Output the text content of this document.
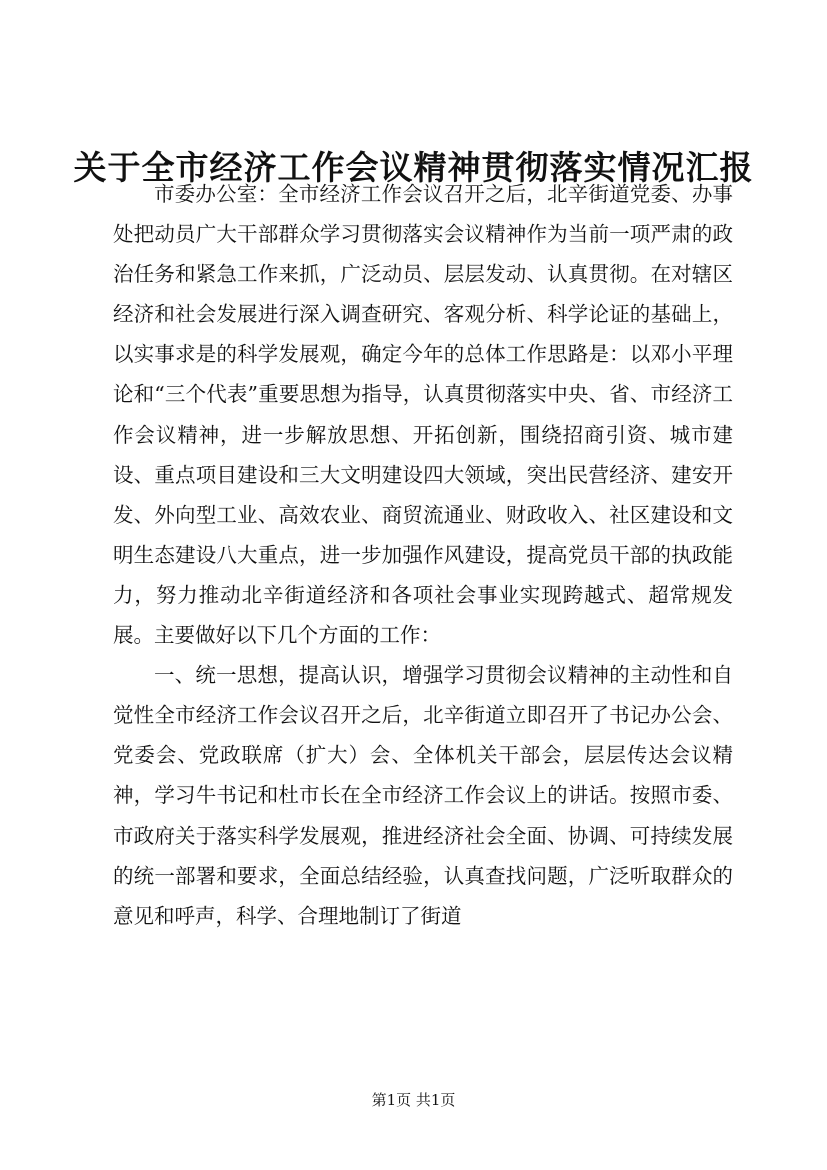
关于全市经济工作会议精神贯彻落实情况汇报

市委办公室：全市经济工作会议召开之后，北辛街道党委、办事处把动员广大干部群众学习贯彻落实会议精神作为当前一项严肃的政治任务和紧急工作来抓，广泛动员、层层发动、认真贯彻。在对辖区经济和社会发展进行深入调查研究、客观分析、科学论证的基础上，以实事求是的科学发展观，确定今年的总体工作思路是：以邓小平理论和“三个代表”重要思想为指导，认真贯彻落实中央、省、市经济工作会议精神，进一步解放思想、开拓创新，围绕招商引资、城市建设、重点项目建设和三大文明建设四大领域，突出民营经济、建安开发、外向型工业、高效农业、商贸流通业、财政收入、社区建设和文明生态建设八大重点，进一步加强作风建设，提高党员干部的执政能力，努力推动北辛街道经济和各项社会事业实现跨越式、超常规发展。主要做好以下几个方面的工作：

一、统一思想，提高认识，增强学习贯彻会议精神的主动性和自觉性全市经济工作会议召开之后，北辛街道立即召开了书记办公会、党委会、党政联席（扩大）会、全体机关干部会，层层传达会议精神，学习牛书记和杜市长在全市经济工作会议上的讲话。按照市委、市政府关于落实科学发展观，推进经济社会全面、协调、可持续发展的统一部署和要求，全面总结经验，认真查找问题，广泛听取群众的意见和呼声，科学、合理地制订了街道

第1页 共1页
